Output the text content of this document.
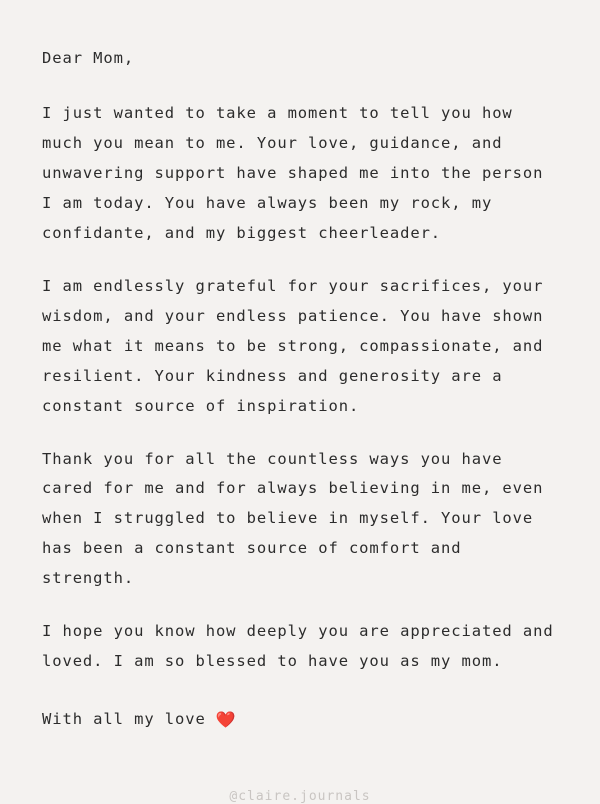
Dear Mom,

I just wanted to take a moment to tell you how much you mean to me. Your love, guidance, and unwavering support have shaped me into the person I am today. You have always been my rock, my confidante, and my biggest cheerleader.

I am endlessly grateful for your sacrifices, your wisdom, and your endless patience. You have shown me what it means to be strong, compassionate, and resilient. Your kindness and generosity are a constant source of inspiration.

Thank you for all the countless ways you have cared for me and for always believing in me, even when I struggled to believe in myself. Your love has been a constant source of comfort and strength.

I hope you know how deeply you are appreciated and loved. I am so blessed to have you as my mom.

With all my love ❤️
@claire.journals
